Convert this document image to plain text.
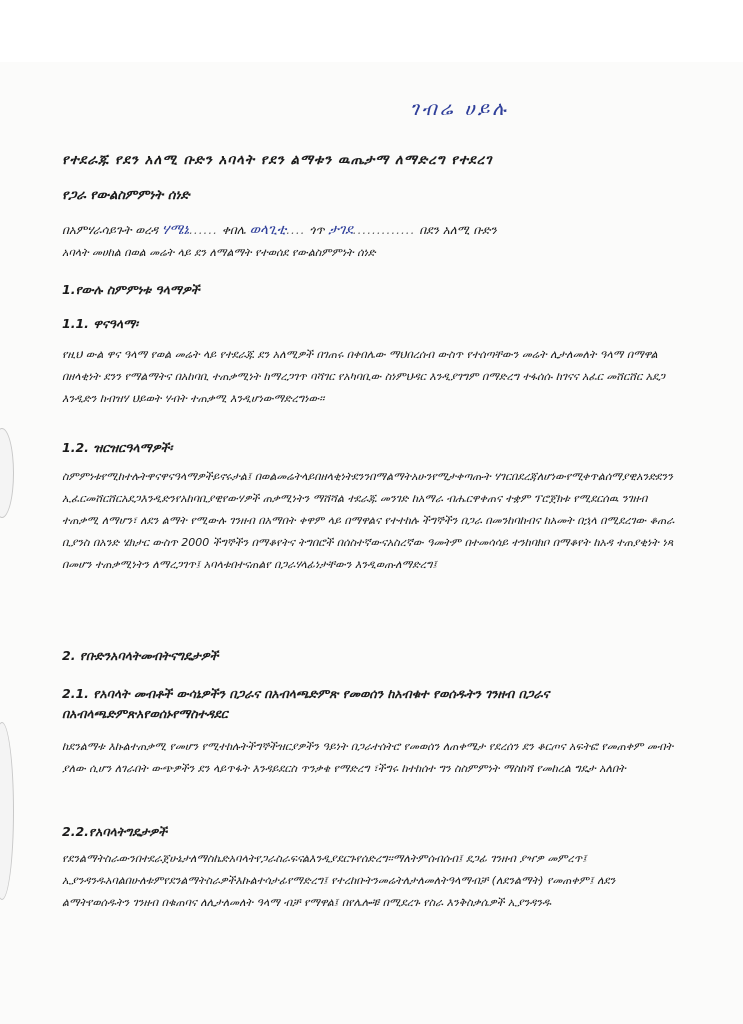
ገብሬ ሀይሉ
የተደራጁ የደን አለሚ ቡድን አባላት የደን ልማቱን ዉጤታማ ለማድረግ የተደረገ
የጋራ የውልስምምነት ሰነድ
በአምሃራሳይጉት ወረዳ ሃሜኔ...... ቀበሌ ወላጊቲ.... ጎጥ ታገደ............. በደን አለሚ ቡድን
አባላት መሀከል በወል መሬት ላይ ደን ለማልማት የተወሰደ የውልስምምነት ሰነድ
1.የውሉ ስምምነቱ ዓላማዎች
1.1. ዋናዓላማ፡
የዚህ ውል ዋና ዓላማ የወል መሬት ላይ የተደራጁ ደን አለሚዎች በገጠሩ በቀበሌው ማህበረሰብ ውስጥ የተሰጣቸውን መሬት ሊታለመለት ዓላማ በማዋል በዘላቂነት ደንን የማልማትና በአከባቢ ተጠቃሚነት ከማረጋገጥ ባሻገር የአካባቢው ስነምህዳር እንዲያገግም በማድረግ ተፋሰሱ ከገናና አፈር መሸርሸር አደጋ እንዲድን ከብዝሃ ህይወት ሃብት ተጠቃሚ እንዲሆነውማድረግነው፡፡
1.2. ዝርዝርዓላማዎች፡
ስምምነቱየሚከተሉትዋናዋናዓላማዎችይኖሩታል፤ በወልመሬትላይበዘላቂነትደንንበማልማትአሁንየሚታቀጣጡት ሃገርበደረጃለሆነውየሚቀጥልሰማያዊአንድደንን ኢፈርመሸርሸርአደጋእንዲድንየአከባቢያዊየውሃዎች ጠቃሚነትን ማሸሻል ተደራጁ መንገድ ከአማራ ብሔርዋቀጠና ተቋም ፕሮጀክቱ የሚደርሰዉ ንገዘብ ተጠቃሚ ለማሆን፣ ለደን ልማት የሚውሉ ገንዘብ በአማበት ቀዋም ላይ በማዋልና የተተከሉ ችግኞችን በጋራ በመንከባከብና ከአመት በኋላ በሚደረገው ቆጠራ ቢያንስ በአንድ ሄክታር ውስጥ 2000 ችግኞችን በማቆየትና ትግበሮች በሰስተኛውናአስረኛው ዓመትም በተመሳሳይ ተንከባክቦ በማቆየት ከአዳ ተጠያቂነት ነጻ በመሆን ተጠቃሚነትን ለማረጋገጥ፤ አባላቱበተናጠልየ በጋራሃላፊነታቸውን እንዲወጡለማድረግ፤
2. የቡድንአባላትመብትናግዴታዎች
2.1. የአባላት መብቶች ውሳኔዎችን በጋራና በአብላጫድምጽ የመወሰን ከአብቁተ የወሰዱትን ገንዘብ በጋራና በአብላጫድምጽአየወሰኑየማስተዳደር
ከደንልማቱ እኩልተጠቃሚ የመሆን የሚተከሉትችግኞችዝርያዎችን ዓይነት በጋራተሰትሮ የመወሰን ለጠቀሜታ የደረሰን ደን ቆርጦና አፍትፎ የመጠቀም መብት ያለው ሲሆን ለገራበት ውጭዎችን ደን ላይጥፋት እንዳይደርስ ጥንቃቄ የማድረግ ፣ችግሩ ከተከሰተ ግን ስስምምነት ማስከሻ የመከረል ግዴታ አለበት
2.2.የአባላትግዴታዎች
የደንልማትስራውንበተደራጀሁኔታለማስኬድአባላትየጋራስራፍናልእንዲያደርጉየሰድረግ፡፡ማለትምሰብሰብ፤ ደጋፊ ገንዘብ ያዣዎ መምረጥ፤ ኢያንዳንዱአባልበሁለቱምየደንልማትስራዎችእኩልተሳታፊየማድረግ፤ የተረከቡትንመሬትለታለመለትዓላማብቻ (ለደንልማት) የመጠቀም፤ ለደን ልማትየወሰዱትን ገንዘብ በቁጠባና ለሊታለመለት ዓላማ ብቻ የማዋል፤ በየሌሎቹ በሚደረጉ የስራ እንቅስቃሴዎች ኢያንዳንዱ
